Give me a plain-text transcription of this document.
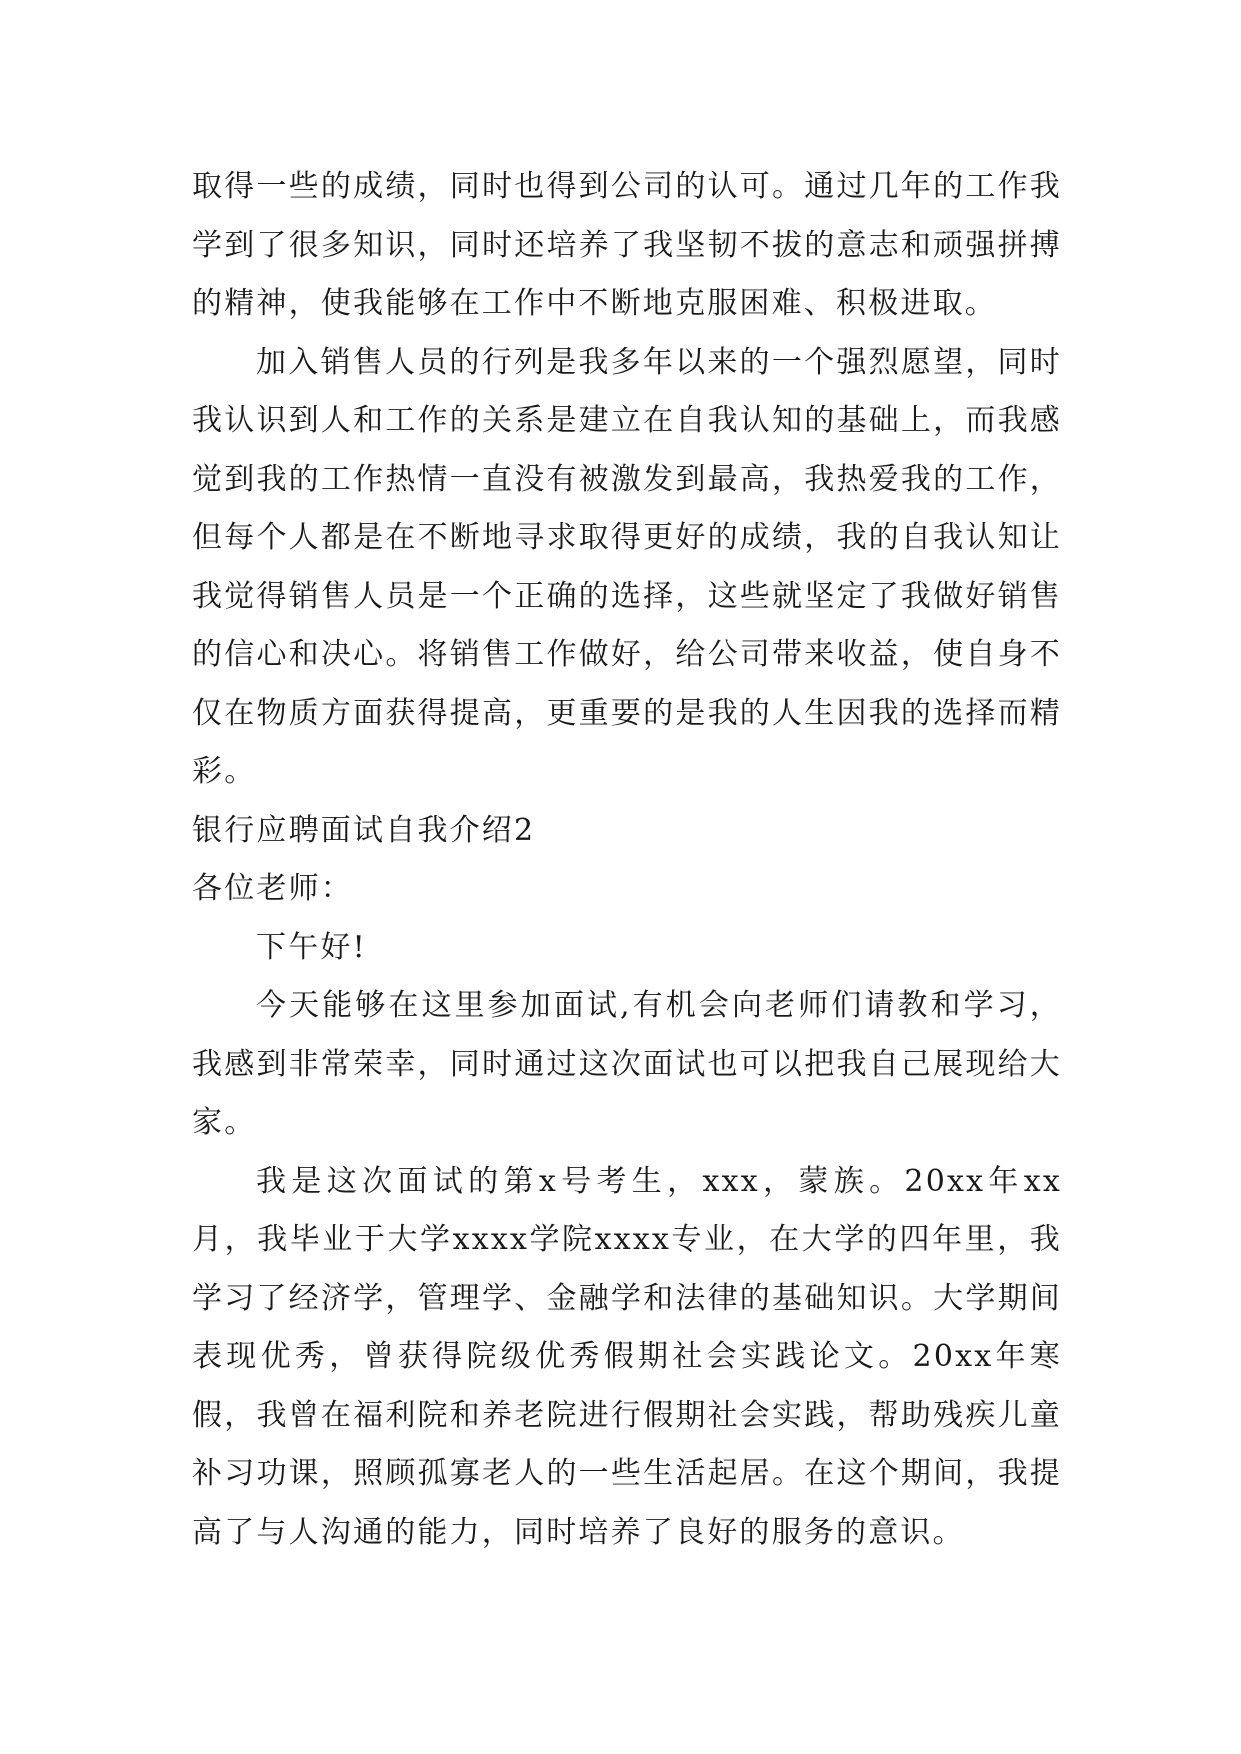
取得一些的成绩，同时也得到公司的认可。通过几年的工作我学到了很多知识，同时还培养了我坚韧不拔的意志和顽强拼搏的精神，使我能够在工作中不断地克服困难、积极进取。

加入销售人员的行列是我多年以来的一个强烈愿望，同时我认识到人和工作的关系是建立在自我认知的基础上，而我感觉到我的工作热情一直没有被激发到最高，我热爱我的工作，但每个人都是在不断地寻求取得更好的成绩，我的自我认知让我觉得销售人员是一个正确的选择，这些就坚定了我做好销售的信心和决心。将销售工作做好，给公司带来收益，使自身不仅在物质方面获得提高，更重要的是我的人生因我的选择而精彩。

银行应聘面试自我介绍2

各位老师：

下午好!

今天能够在这里参加面试,有机会向老师们请教和学习，我感到非常荣幸，同时通过这次面试也可以把我自己展现给大家。

我是这次面试的第x号考生，xxx，蒙族。20xx年xx月，我毕业于大学xxxx学院xxxx专业，在大学的四年里，我学习了经济学，管理学、金融学和法律的基础知识。大学期间表现优秀，曾获得院级优秀假期社会实践论文。20xx年寒假，我曾在福利院和养老院进行假期社会实践，帮助残疾儿童补习功课，照顾孤寡老人的一些生活起居。在这个期间，我提高了与人沟通的能力，同时培养了良好的服务的意识。
